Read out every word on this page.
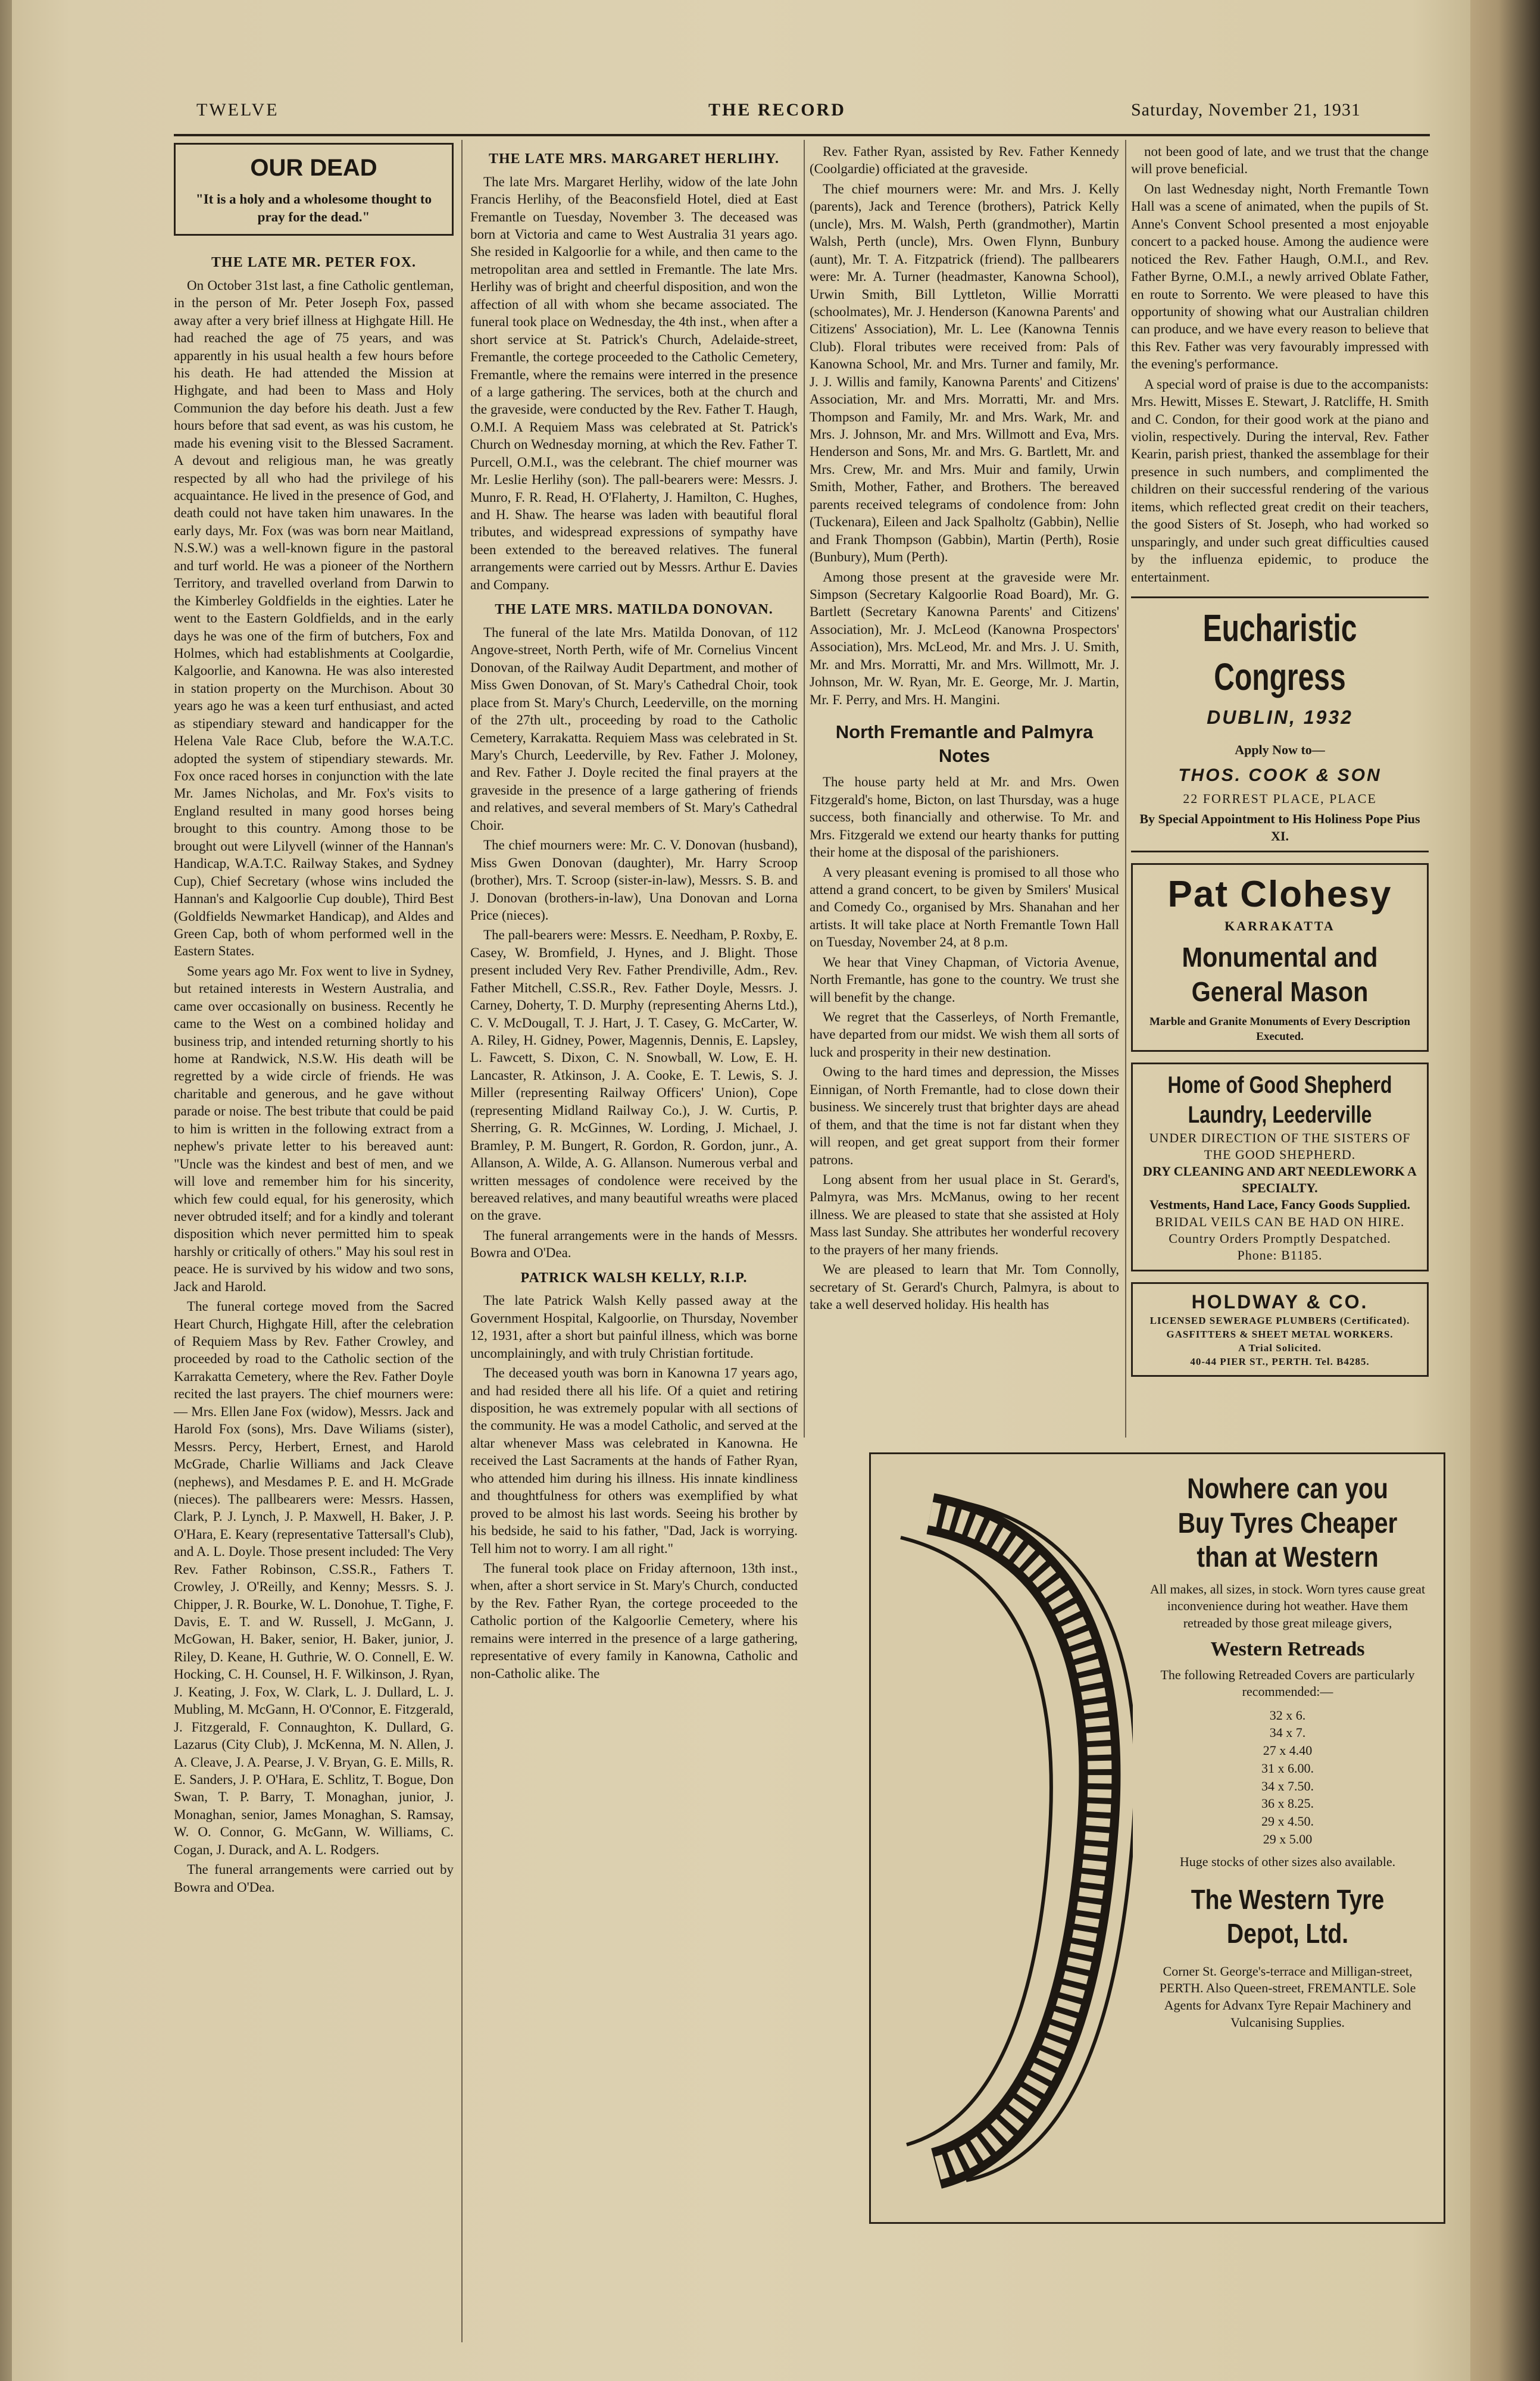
TWELVE	THE RECORD	Saturday, November 21, 1931
OUR DEAD
"It is a holy and a wholesome thought to pray for the dead."
THE LATE MR. PETER FOX.

On October 31st last, a fine Catholic gentleman, in the person of Mr. Peter Joseph Fox, passed away after a very brief illness at Highgate Hill. He had reached the age of 75 years, and was apparently in his usual health a few hours before his death. He had attended the Mission at Highgate, and had been to Mass and Holy Communion the day before his death. Just a few hours before that sad event, as was his custom, he made his evening visit to the Blessed Sacrament. A devout and religious man, he was greatly respected by all who had the privilege of his acquaintance. He lived in the presence of God, and death could not have taken him unawares. In the early days, Mr. Fox (was was born near Maitland, N.S.W.) was a well-known figure in the pastoral and turf world. He was a pioneer of the Northern Territory, and travelled overland from Darwin to the Kimberley Goldfields in the eighties. Later he went to the Eastern Goldfields, and in the early days he was one of the firm of butchers, Fox and Holmes, which had establishments at Coolgardie, Kalgoorlie, and Kanowna. He was also interested in station property on the Murchison. About 30 years ago he was a keen turf enthusiast, and acted as stipendiary steward and handicapper for the Helena Vale Race Club, before the W.A.T.C. adopted the system of stipendiary stewards. Mr. Fox once raced horses in conjunction with the late Mr. James Nicholas, and Mr. Fox's visits to England resulted in many good horses being brought to this country. Among those to be brought out were Lilyvell (winner of the Hannan's Handicap, W.A.T.C. Railway Stakes, and Sydney Cup), Chief Secretary (whose wins included the Hannan's and Kalgoorlie Cup double), Third Best (Goldfields Newmarket Handicap), and Aldes and Green Cap, both of whom performed well in the Eastern States.

Some years ago Mr. Fox went to live in Sydney, but retained interests in Western Australia, and came over occasionally on business. Recently he came to the West on a combined holiday and business trip, and intended returning shortly to his home at Randwick, N.S.W. His death will be regretted by a wide circle of friends. He was charitable and generous, and he gave without parade or noise. The best tribute that could be paid to him is written in the following extract from a nephew's private letter to his bereaved aunt: "Uncle was the kindest and best of men, and we will love and remember him for his sincerity, which few could equal, for his generosity, which never obtruded itself; and for a kindly and tolerant disposition which never permitted him to speak harshly or critically of others." May his soul rest in peace. He is survived by his widow and two sons, Jack and Harold.

The funeral cortege moved from the Sacred Heart Church, Highgate Hill, after the celebration of Requiem Mass by Rev. Father Crowley, and proceeded by road to the Catholic section of the Karrakatta Cemetery, where the Rev. Father Doyle recited the last prayers. The chief mourners were:— Mrs. Ellen Jane Fox (widow), Messrs. Jack and Harold Fox (sons), Mrs. Dave Wiliams (sister), Messrs. Percy, Herbert, Ernest, and Harold McGrade, Charlie Williams and Jack Cleave (nephews), and Mesdames P. E. and H. McGrade (nieces). The pallbearers were: Messrs. Hassen, Clark, P. J. Lynch, J. P. Maxwell, H. Baker, J. P. O'Hara, E. Keary (representative Tattersall's Club), and A. L. Doyle. Those present included: The Very Rev. Father Robinson, C.SS.R., Fathers T. Crowley, J. O'Reilly, and Kenny; Messrs. S. J. Chipper, J. R. Bourke, W. L. Donohue, T. Tighe, F. Davis, E. T. and W. Russell, J. McGann, J. McGowan, H. Baker, senior, H. Baker, junior, J. Riley, D. Keane, H. Guthrie, W. O. Connell, E. W. Hocking, C. H. Counsel, H. F. Wilkinson, J. Ryan, J. Keating, J. Fox, W. Clark, L. J. Dullard, L. J. Mubling, M. McGann, H. O'Connor, E. Fitzgerald, J. Fitzgerald, F. Connaughton, K. Dullard, G. Lazarus (City Club), J. McKenna, M. N. Allen, J. A. Cleave, J. A. Pearse, J. V. Bryan, G. E. Mills, R. E. Sanders, J. P. O'Hara, E. Schlitz, T. Bogue, Don Swan, T. P. Barry, T. Monaghan, junior, J. Monaghan, senior, James Monaghan, S. Ramsay, W. O. Connor, G. McGann, W. Williams, C. Cogan, J. Durack, and A. L. Rodgers.

The funeral arrangements were carried out by Bowra and O'Dea.

THE LATE MRS. MARGARET HERLIHY.

The late Mrs. Margaret Herlihy, widow of the late John Francis Herlihy, of the Beaconsfield Hotel, died at East Fremantle on Tuesday, November 3. The deceased was born at Victoria and came to West Australia 31 years ago. She resided in Kalgoorlie for a while, and then came to the metropolitan area and settled in Fremantle. The late Mrs. Herlihy was of bright and cheerful disposition, and won the affection of all with whom she became associated. The funeral took place on Wednesday, the 4th inst., when after a short service at St. Patrick's Church, Adelaide-street, Fremantle, the cortege proceeded to the Catholic Cemetery, Fremantle, where the remains were interred in the presence of a large gathering. The services, both at the church and the graveside, were conducted by the Rev. Father T. Haugh, O.M.I. A Requiem Mass was celebrated at St. Patrick's Church on Wednesday morning, at which the Rev. Father T. Purcell, O.M.I., was the celebrant. The chief mourner was Mr. Leslie Herlihy (son). The pall-bearers were: Messrs. J. Munro, F. R. Read, H. O'Flaherty, J. Hamilton, C. Hughes, and H. Shaw. The hearse was laden with beautiful floral tributes, and widespread expressions of sympathy have been extended to the bereaved relatives. The funeral arrangements were carried out by Messrs. Arthur E. Davies and Company.

THE LATE MRS. MATILDA DONOVAN.

The funeral of the late Mrs. Matilda Donovan, of 112 Angove-street, North Perth, wife of Mr. Cornelius Vincent Donovan, of the Railway Audit Department, and mother of Miss Gwen Donovan, of St. Mary's Cathedral Choir, took place from St. Mary's Church, Leederville, on the morning of the 27th ult., proceeding by road to the Catholic Cemetery, Karrakatta. Requiem Mass was celebrated in St. Mary's Church, Leederville, by Rev. Father J. Moloney, and Rev. Father J. Doyle recited the final prayers at the graveside in the presence of a large gathering of friends and relatives, and several members of St. Mary's Cathedral Choir.

The chief mourners were: Mr. C. V. Donovan (husband), Miss Gwen Donovan (daughter), Mr. Harry Scroop (brother), Mrs. T. Scroop (sister-in-law), Messrs. S. B. and J. Donovan (brothers-in-law), Una Donovan and Lorna Price (nieces).

The pall-bearers were: Messrs. E. Needham, P. Roxby, E. Casey, W. Bromfield, J. Hynes, and J. Blight. Those present included Very Rev. Father Prendiville, Adm., Rev. Father Mitchell, C.SS.R., Rev. Father Doyle, Messrs. J. Carney, Doherty, T. D. Murphy (representing Aherns Ltd.), C. V. McDougall, T. J. Hart, J. T. Casey, G. McCarter, W. A. Riley, H. Gidney, Power, Magennis, Dennis, E. Lapsley, L. Fawcett, S. Dixon, C. N. Snowball, W. Low, E. H. Lancaster, R. Atkinson, J. A. Cooke, E. T. Lewis, S. J. Miller (representing Railway Officers' Union), Cope (representing Midland Railway Co.), J. W. Curtis, P. Sherring, G. R. McGinnes, W. Lording, J. Michael, J. Bramley, P. M. Bungert, R. Gordon, R. Gordon, junr., A. Allanson, A. Wilde, A. G. Allanson. Numerous verbal and written messages of condolence were received by the bereaved relatives, and many beautiful wreaths were placed on the grave.

The funeral arrangements were in the hands of Messrs. Bowra and O'Dea.

PATRICK WALSH KELLY, R.I.P.

The late Patrick Walsh Kelly passed away at the Government Hospital, Kalgoorlie, on Thursday, November 12, 1931, after a short but painful illness, which was borne uncomplainingly, and with truly Christian fortitude.

The deceased youth was born in Kanowna 17 years ago, and had resided there all his life. Of a quiet and retiring disposition, he was extremely popular with all sections of the community. He was a model Catholic, and served at the altar whenever Mass was celebrated in Kanowna. He received the Last Sacraments at the hands of Father Ryan, who attended him during his illness. His innate kindliness and thoughtfulness for others was exemplified by what proved to be almost his last words. Seeing his brother by his bedside, he said to his father, "Dad, Jack is worrying. Tell him not to worry. I am all right."

The funeral took place on Friday afternoon, 13th inst., when, after a short service in St. Mary's Church, conducted by the Rev. Father Ryan, the cortege proceeded to the Catholic portion of the Kalgoorlie Cemetery, where his remains were interred in the presence of a large gathering, representative of every family in Kanowna, Catholic and non-Catholic alike. The

Rev. Father Ryan, assisted by Rev. Father Kennedy (Coolgardie) officiated at the graveside.

The chief mourners were: Mr. and Mrs. J. Kelly (parents), Jack and Terence (brothers), Patrick Kelly (uncle), Mrs. M. Walsh, Perth (grandmother), Martin Walsh, Perth (uncle), Mrs. Owen Flynn, Bunbury (aunt), Mr. T. A. Fitzpatrick (friend). The pallbearers were: Mr. A. Turner (headmaster, Kanowna School), Urwin Smith, Bill Lyttleton, Willie Morratti (schoolmates), Mr. J. Henderson (Kanowna Parents' and Citizens' Association), Mr. L. Lee (Kanowna Tennis Club). Floral tributes were received from: Pals of Kanowna School, Mr. and Mrs. Turner and family, Mr. J. J. Willis and family, Kanowna Parents' and Citizens' Association, Mr. and Mrs. Morratti, Mr. and Mrs. Thompson and Family, Mr. and Mrs. Wark, Mr. and Mrs. J. Johnson, Mr. and Mrs. Willmott and Eva, Mrs. Henderson and Sons, Mr. and Mrs. G. Bartlett, Mr. and Mrs. Crew, Mr. and Mrs. Muir and family, Urwin Smith, Mother, Father, and Brothers. The bereaved parents received telegrams of condolence from: John (Tuckenara), Eileen and Jack Spalholtz (Gabbin), Nellie and Frank Thompson (Gabbin), Martin (Perth), Rosie (Bunbury), Mum (Perth).

Among those present at the graveside were Mr. Simpson (Secretary Kalgoorlie Road Board), Mr. G. Bartlett (Secretary Kanowna Parents' and Citizens' Association), Mr. J. McLeod (Kanowna Prospectors' Association), Mrs. McLeod, Mr. and Mrs. J. U. Smith, Mr. and Mrs. Morratti, Mr. and Mrs. Willmott, Mr. J. Johnson, Mr. W. Ryan, Mr. E. George, Mr. J. Martin, Mr. F. Perry, and Mrs. H. Mangini.

North Fremantle and Palmyra Notes

The house party held at Mr. and Mrs. Owen Fitzgerald's home, Bicton, on last Thursday, was a huge success, both financially and otherwise. To Mr. and Mrs. Fitzgerald we extend our hearty thanks for putting their home at the disposal of the parishioners.

A very pleasant evening is promised to all those who attend a grand concert, to be given by Smilers' Musical and Comedy Co., organised by Mrs. Shanahan and her artists. It will take place at North Fremantle Town Hall on Tuesday, November 24, at 8 p.m.

We hear that Viney Chapman, of Victoria Avenue, North Fremantle, has gone to the country. We trust she will benefit by the change.

We regret that the Casserleys, of North Fremantle, have departed from our midst. We wish them all sorts of luck and prosperity in their new destination.

Owing to the hard times and depression, the Misses Einnigan, of North Fremantle, had to close down their business. We sincerely trust that brighter days are ahead of them, and that the time is not far distant when they will reopen, and get great support from their former patrons.

Long absent from her usual place in St. Gerard's, Palmyra, was Mrs. McManus, owing to her recent illness. We are pleased to state that she assisted at Holy Mass last Sunday. She attributes her wonderful recovery to the prayers of her many friends.

We are pleased to learn that Mr. Tom Connolly, secretary of St. Gerard's Church, Palmyra, is about to take a well deserved holiday. His health has

not been good of late, and we trust that the change will prove beneficial.

On last Wednesday night, North Fremantle Town Hall was a scene of animated, when the pupils of St. Anne's Convent School presented a most enjoyable concert to a packed house. Among the audience were noticed the Rev. Father Haugh, O.M.I., and Rev. Father Byrne, O.M.I., a newly arrived Oblate Father, en route to Sorrento. We were pleased to have this opportunity of showing what our Australian children can produce, and we have every reason to believe that this Rev. Father was very favourably impressed with the evening's performance.

A special word of praise is due to the accompanists: Mrs. Hewitt, Misses E. Stewart, J. Ratcliffe, H. Smith and C. Condon, for their good work at the piano and violin, respectively. During the interval, Rev. Father Kearin, parish priest, thanked the assemblage for their presence in such numbers, and complimented the children on their successful rendering of the various items, which reflected great credit on their teachers, the good Sisters of St. Joseph, who had worked so unsparingly, and under such great difficulties caused by the influenza epidemic, to produce the entertainment.

Eucharistic Congress
DUBLIN, 1932
Apply Now to—
THOS. COOK & SON
22 FORREST PLACE, PLACE
By Special Appointment to His Holiness Pope Pius XI.
Pat Clohesy
KARRAKATTA
Monumental and General Mason
Marble and Granite Monuments of Every Description Executed.
Home of Good Shepherd Laundry, Leederville
UNDER DIRECTION OF THE SISTERS OF THE GOOD SHEPHERD.
DRY CLEANING AND ART NEEDLEWORK A SPECIALTY.
Vestments, Hand Lace, Fancy Goods Supplied.
BRIDAL VEILS CAN BE HAD ON HIRE.
Country Orders Promptly Despatched.
Phone: B1185.
HOLDWAY & CO.
LICENSED SEWERAGE PLUMBERS (Certificated).
GASFITTERS & SHEET METAL WORKERS.
A Trial Solicited.
40-44 PIER ST., PERTH. Tel. B4285.
Nowhere can you Buy Tyres Cheaper than at Western
All makes, all sizes, in stock. Worn tyres cause great inconvenience during hot weather. Have them retreaded by those great mileage givers,
Western Retreads
The following Retreaded Covers are particularly recommended:—
32 x 6.
34 x 7.
27 x 4.40
31 x 6.00.
34 x 7.50.
36 x 8.25.
29 x 4.50.
29 x 5.00
Huge stocks of other sizes also available.
The Western Tyre Depot, Ltd.
Corner St. George's-terrace and Milligan-street, PERTH. Also Queen-street, FREMANTLE. Sole Agents for Advanx Tyre Repair Machinery and Vulcanising Supplies.
